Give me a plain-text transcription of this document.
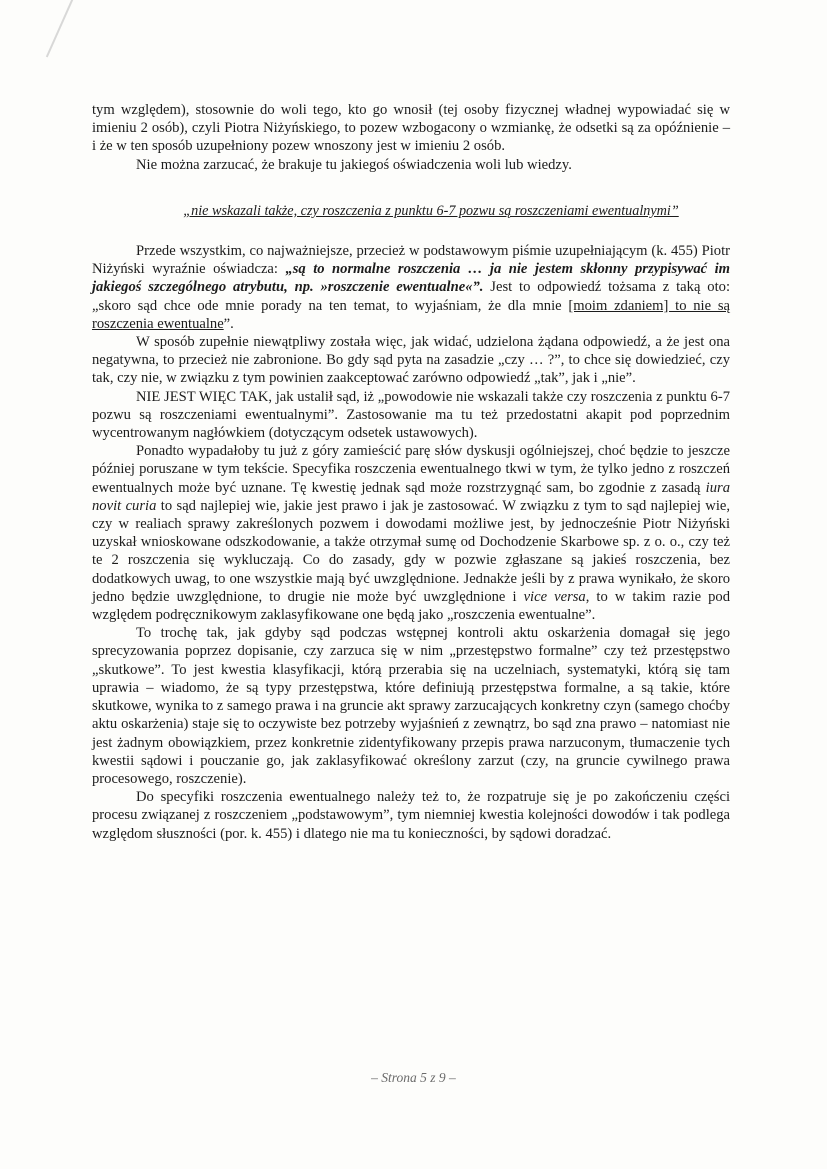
tym względem), stosownie do woli tego, kto go wnosił (tej osoby fizycznej władnej wypowiadać się w imieniu 2 osób), czyli Piotra Niżyńskiego, to pozew wzbogacony o wzmiankę, że odsetki są za opóźnienie – i że w ten sposób uzupełniony pozew wnoszony jest w imieniu 2 osób.

Nie można zarzucać, że brakuje tu jakiegoś oświadczenia woli lub wiedzy.

„nie wskazali także, czy roszczenia z punktu 6-7 pozwu są roszczeniami ewentualnymi”

Przede wszystkim, co najważniejsze, przecież w podstawowym piśmie uzupełniającym (k. 455) Piotr Niżyński wyraźnie oświadcza: „są to normalne roszczenia … ja nie jestem skłonny przypisywać im jakiegoś szczególnego atrybutu, np. »roszczenie ewentualne«”. Jest to odpowiedź tożsama z taką oto: „skoro sąd chce ode mnie porady na ten temat, to wyjaśniam, że dla mnie [moim zdaniem] to nie są roszczenia ewentualne”.

W sposób zupełnie niewątpliwy została więc, jak widać, udzielona żądana odpowiedź, a że jest ona negatywna, to przecież nie zabronione. Bo gdy sąd pyta na zasadzie „czy … ?”, to chce się dowiedzieć, czy tak, czy nie, w związku z tym powinien zaakceptować zarówno odpowiedź „tak”, jak i „nie”.

NIE JEST WIĘC TAK, jak ustalił sąd, iż „powodowie nie wskazali także czy roszczenia z punktu 6-7 pozwu są roszczeniami ewentualnymi”. Zastosowanie ma tu też przedostatni akapit pod poprzednim wycentrowanym nagłówkiem (dotyczącym odsetek ustawowych).

Ponadto wypadałoby tu już z góry zamieścić parę słów dyskusji ogólniejszej, choć będzie to jeszcze później poruszane w tym tekście. Specyfika roszczenia ewentualnego tkwi w tym, że tylko jedno z roszczeń ewentualnych może być uznane. Tę kwestię jednak sąd może rozstrzygnąć sam, bo zgodnie z zasadą iura novit curia to sąd najlepiej wie, jakie jest prawo i jak je zastosować. W związku z tym to sąd najlepiej wie, czy w realiach sprawy zakreślonych pozwem i dowodami możliwe jest, by jednocześnie Piotr Niżyński uzyskał wnioskowane odszkodowanie, a także otrzymał sumę od Dochodzenie Skarbowe sp. z o. o., czy też te 2 roszczenia się wykluczają. Co do zasady, gdy w pozwie zgłaszane są jakieś roszczenia, bez dodatkowych uwag, to one wszystkie mają być uwzględnione. Jednakże jeśli by z prawa wynikało, że skoro jedno będzie uwzględnione, to drugie nie może być uwzględnione i vice versa, to w takim razie pod względem podręcznikowym zaklasyfikowane one będą jako „roszczenia ewentualne”.

To trochę tak, jak gdyby sąd podczas wstępnej kontroli aktu oskarżenia domagał się jego sprecyzowania poprzez dopisanie, czy zarzuca się w nim „przestępstwo formalne” czy też przestępstwo „skutkowe”. To jest kwestia klasyfikacji, którą przerabia się na uczelniach, systematyki, którą się tam uprawia – wiadomo, że są typy przestępstwa, które definiują przestępstwa formalne, a są takie, które skutkowe, wynika to z samego prawa i na gruncie akt sprawy zarzucających konkretny czyn (samego choćby aktu oskarżenia) staje się to oczywiste bez potrzeby wyjaśnień z zewnątrz, bo sąd zna prawo – natomiast nie jest żadnym obowiązkiem, przez konkretnie zidentyfikowany przepis prawa narzuconym, tłumaczenie tych kwestii sądowi i pouczanie go, jak zaklasyfikować określony zarzut (czy, na gruncie cywilnego prawa procesowego, roszczenie).

Do specyfiki roszczenia ewentualnego należy też to, że rozpatruje się je po zakończeniu części procesu związanej z roszczeniem „podstawowym”, tym niemniej kwestia kolejności dowodów i tak podlega względom słuszności (por. k. 455) i dlatego nie ma tu konieczności, by sądowi doradzać.

– Strona 5 z 9 –
